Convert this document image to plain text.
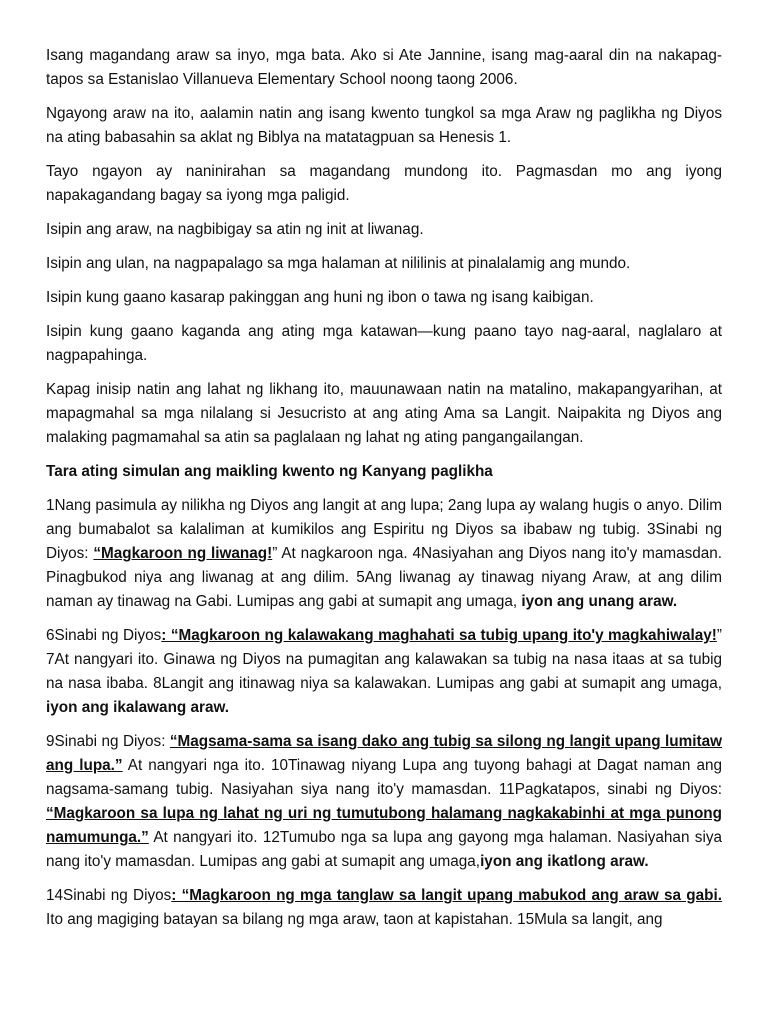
Isang magandang araw sa inyo, mga bata. Ako si Ate Jannine, isang mag-aaral din na nakapag-tapos sa Estanislao Villanueva Elementary School noong taong 2006.

Ngayong araw na ito, aalamin natin ang isang kwento tungkol sa mga Araw ng paglikha ng Diyos na ating babasahin sa aklat ng Biblya na matatagpuan sa Henesis 1.

Tayo ngayon ay naninirahan sa magandang mundong ito. Pagmasdan mo ang iyong napakagandang bagay sa iyong mga paligid.

Isipin ang araw, na nagbibigay sa atin ng init at liwanag.

Isipin ang ulan, na nagpapalago sa mga halaman at nililinis at pinalalamig ang mundo.

Isipin kung gaano kasarap pakinggan ang huni ng ibon o tawa ng isang kaibigan.

Isipin kung gaano kaganda ang ating mga katawan—kung paano tayo nag-aaral, naglalaro at nagpapahinga.

Kapag inisip natin ang lahat ng likhang ito, mauunawaan natin na matalino, makapangyarihan, at mapagmahal sa mga nilalang si Jesucristo at ang ating Ama sa Langit. Naipakita ng Diyos ang malaking pagmamahal sa atin sa paglalaan ng lahat ng ating pangangailangan.

Tara ating simulan ang maikling kwento ng Kanyang paglikha

1Nang pasimula ay nilikha ng Diyos ang langit at ang lupa; 2ang lupa ay walang hugis o anyo. Dilim ang bumabalot sa kalaliman at kumikilos ang Espiritu ng Diyos sa ibabaw ng tubig. 3Sinabi ng Diyos: “Magkaroon ng liwanag!” At nagkaroon nga. 4Nasiyahan ang Diyos nang ito'y mamasdan. Pinagbukod niya ang liwanag at ang dilim. 5Ang liwanag ay tinawag niyang Araw, at ang dilim naman ay tinawag na Gabi. Lumipas ang gabi at sumapit ang umaga, iyon ang unang araw.

6Sinabi ng Diyos: “Magkaroon ng kalawakang maghahati sa tubig upang ito'y magkahiwalay!” 7At nangyari ito. Ginawa ng Diyos na pumagitan ang kalawakan sa tubig na nasa itaas at sa tubig na nasa ibaba. 8Langit ang itinawag niya sa kalawakan. Lumipas ang gabi at sumapit ang umaga, iyon ang ikalawang araw.

9Sinabi ng Diyos: “Magsama-sama sa isang dako ang tubig sa silong ng langit upang lumitaw ang lupa.” At nangyari nga ito. 10Tinawag niyang Lupa ang tuyong bahagi at Dagat naman ang nagsama-samang tubig. Nasiyahan siya nang ito'y mamasdan. 11Pagkatapos, sinabi ng Diyos: “Magkaroon sa lupa ng lahat ng uri ng tumutubong halamang nagkakabinhi at mga punong namumunga.” At nangyari ito. 12Tumubo nga sa lupa ang gayong mga halaman. Nasiyahan siya nang ito'y mamasdan. Lumipas ang gabi at sumapit ang umaga,iyon ang ikatlong araw.

14Sinabi ng Diyos: “Magkaroon ng mga tanglaw sa langit upang mabukod ang araw sa gabi. Ito ang magiging batayan sa bilang ng mga araw, taon at kapistahan. 15Mula sa langit, ang
